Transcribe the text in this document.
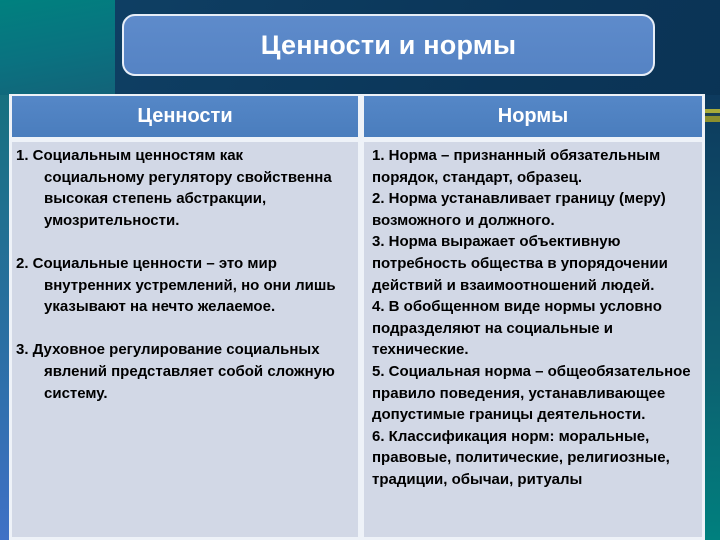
Ценности и нормы
Ценности	Нормы

1. Социальным ценностям как социальному регулятору свойственна высокая степень абстракции, умозрительности.

2. Социальные ценности – это мир внутренних устремлений, но они лишь указывают на нечто желаемое.

3. Духовное регулирование социальных явлений представляет собой сложную систему.

1. Норма – признанный обязательным порядок, стандарт, образец.

2. Норма устанавливает границу (меру) возможного и должного.

3. Норма выражает объективную потребность общества в упорядочении действий и взаимоотношений людей.

4. В обобщенном виде нормы условно подразделяют на социальные и технические.

5. Социальная норма – общеобязательное правило поведения, устанавливающее допустимые границы деятельности.

6. Классификация норм: моральные, правовые, политические, религиозные, традиции, обычаи, ритуалы
